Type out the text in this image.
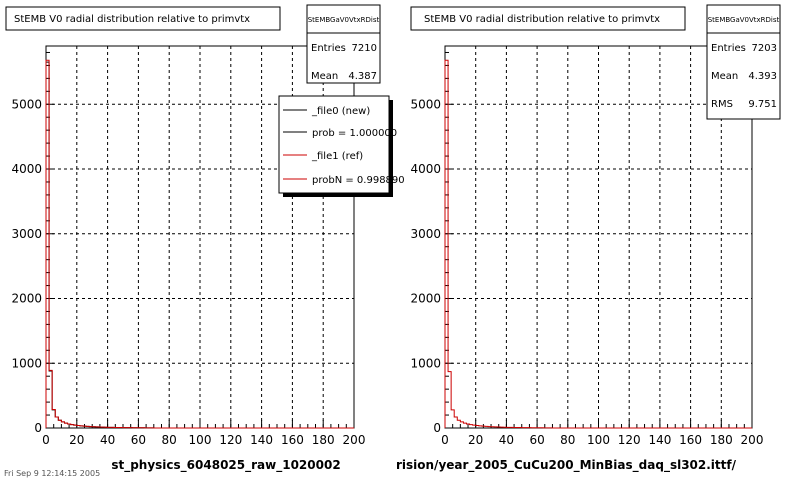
StEMB V0 radial distribution relative to primvtx
0 20 40 60 80 100 120 140 160 180 200
0
1000
2000
3000
4000
5000
st_physics_6048025_raw_1020002
StEMBGaV0VtxRDist
Entries 7210
Mean 4.387
_file0 (new)
prob = 1.000000
_file1 (ref)
probN = 0.998890
StEMB V0 radial distribution relative to primvtx
0 20 40 60 80 100 120 140 160 180 200
0
1000
2000
3000
4000
5000
rision/year_2005_CuCu200_MinBias_daq_sl302.ittf/
StEMBGaV0VtxRDist
Entries 7203
Mean 4.393
RMS 9.751
Fri Sep 9 12:14:15 2005
